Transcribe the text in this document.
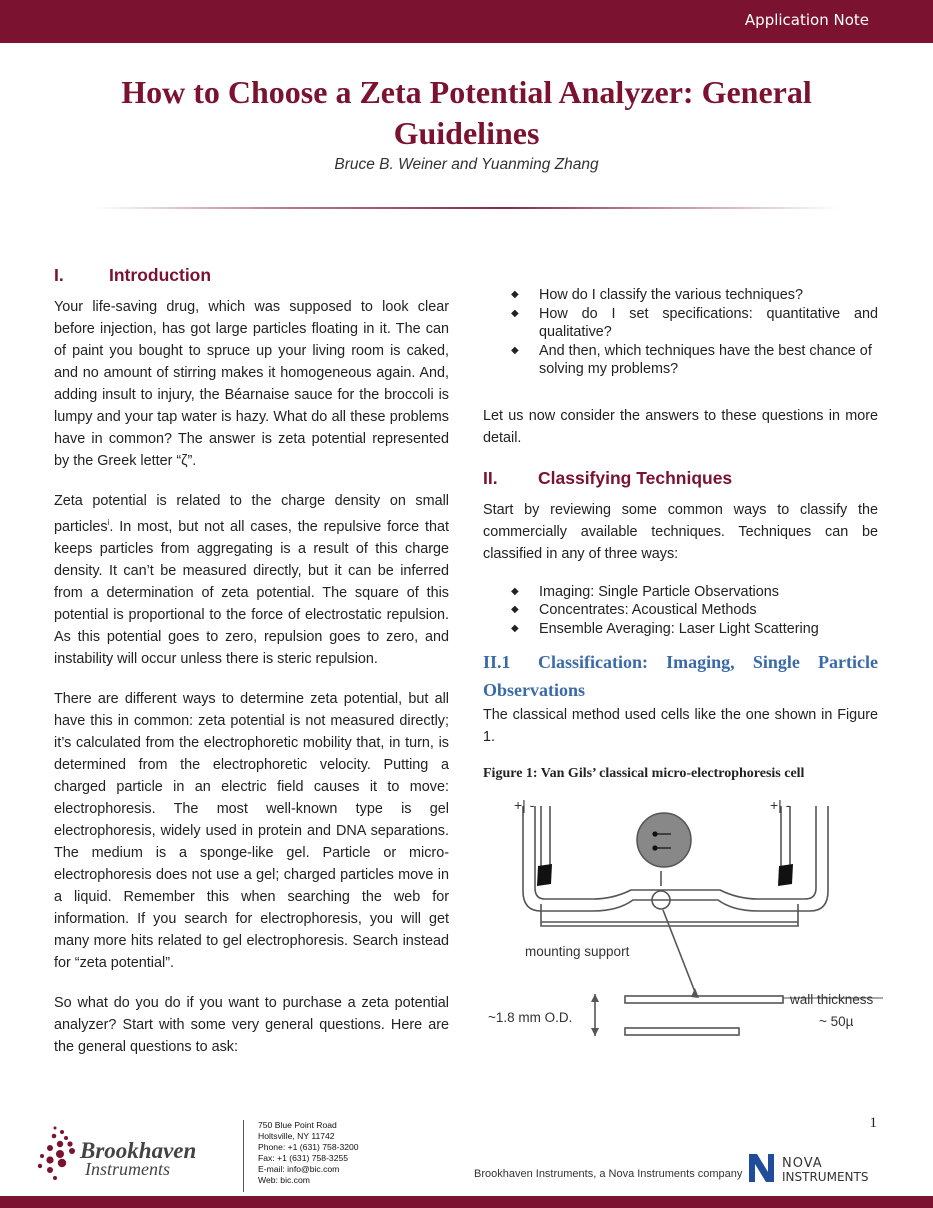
Application Note
How to Choose a Zeta Potential Analyzer: General Guidelines
Bruce B. Weiner and Yuanming Zhang
I.	Introduction

Your life-saving drug, which was supposed to look clear before injection, has got large particles floating in it. The can of paint you bought to spruce up your living room is caked, and no amount of stirring makes it homogeneous again. And, adding insult to injury, the Béarnaise sauce for the broccoli is lumpy and your tap water is hazy. What do all these problems have in common? The answer is zeta potential represented by the Greek letter “ζ”.

Zeta potential is related to the charge density on small particles$^i$. In most, but not all cases, the repulsive force that keeps particles from aggregating is a result of this charge density. It can’t be measured directly, but it can be inferred from a determination of zeta potential. The square of this potential is proportional to the force of electrostatic repulsion. As this potential goes to zero, repulsion goes to zero, and instability will occur unless there is steric repulsion.

There are different ways to determine zeta potential, but all have this in common: zeta potential is not measured directly; it’s calculated from the electrophoretic mobility that, in turn, is determined from the electrophoretic velocity. Putting a charged particle in an electric field causes it to move: electrophoresis. The most well-known type is gel electrophoresis, widely used in protein and DNA separations. The medium is a sponge-like gel. Particle or micro-electrophoresis does not use a gel; charged particles move in a liquid. Remember this when searching the web for information. If you search for electrophoresis, you will get many more hits related to gel electrophoresis. Search instead for “zeta potential”.

So what do you do if you want to purchase a zeta potential analyzer? Start with some very general questions. Here are the general questions to ask:

◆ How do I classify the various techniques?
◆ How do I set specifications: quantitative and qualitative?
◆ And then, which techniques have the best chance of solving my problems?

Let us now consider the answers to these questions in more detail.

II. Classifying Techniques

Start by reviewing some common ways to classify the commercially available techniques. Techniques can be classified in any of three ways:

◆ Imaging: Single Particle Observations
◆ Concentrates: Acoustical Methods
◆ Ensemble Averaging: Laser Light Scattering
II.1 Classification: Imaging, Single Particle Observations

The classical method used cells like the one shown in Figure 1.

Figure 1: Van Gils’ classical micro-electrophoresis cell
+| -	+| -
mounting support
~1.8 mm O.D.
wall thickness
~ 50µ
Brookhaven
Instruments
750 Blue Point Road
Holtsville, NY 11742
Phone: +1 (631) 758-3200
Fax: +1 (631) 758-3255
E-mail: info@bic.com
Web: bic.com
1
Brookhaven Instruments, a Nova Instruments company
NOVA
INSTRUMENTS
